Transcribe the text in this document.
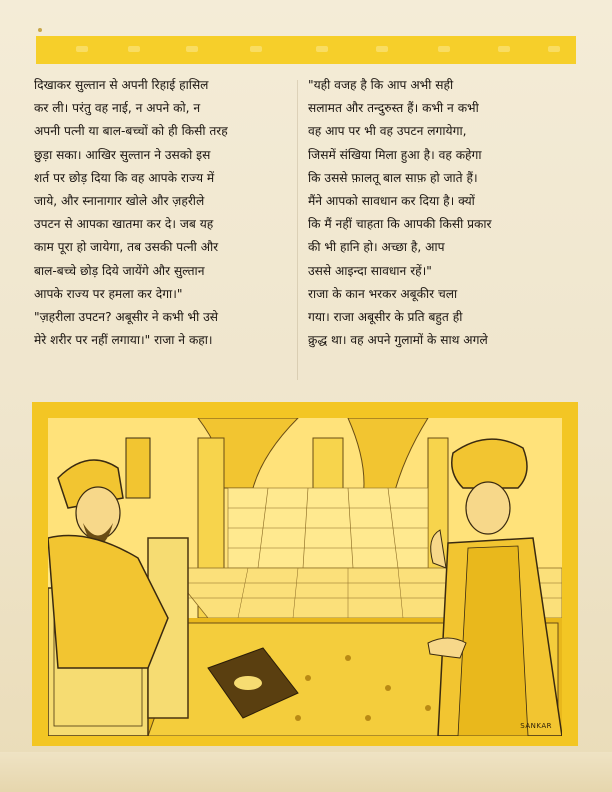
दिखाकर सुल्तान से अपनी रिहाई हासिल
कर ली। परंतु वह नाई, न अपने को, न
अपनी पत्नी या बाल-बच्चों को ही किसी तरह
छुड़ा सका। आखिर सुल्तान ने उसको इस
शर्त पर छोड़ दिया कि वह आपके राज्य में
जाये, और स्नानागार खोले और ज़हरीले
उपटन से आपका खातमा कर दे। जब यह
काम पूरा हो जायेगा, तब उसकी पत्नी और
बाल-बच्चे छोड़ दिये जायेंगे और सुल्तान
आपके राज्य पर हमला कर देगा।"
"ज़हरीला उपटन? अबूसीर ने कभी भी उसे
मेरे शरीर पर नहीं लगाया।" राजा ने कहा।
"यही वजह है कि आप अभी सही
सलामत और तन्दुरुस्त हैं। कभी न कभी
वह आप पर भी वह उपटन लगायेगा,
जिसमें संखिया मिला हुआ है। वह कहेगा
कि उससे फ़ालतू बाल साफ़ हो जाते हैं।
मैंने आपको सावधान कर दिया है। क्यों
कि मैं नहीं चाहता कि आपकी किसी प्रकार
की भी हानि हो। अच्छा है, आप
उससे आइन्दा सावधान रहें।"
राजा के कान भरकर अबूकीर चला
गया। राजा अबूसीर के प्रति बहुत ही
क्रुद्ध था। वह अपने गुलामों के साथ अगले
SANKAR
